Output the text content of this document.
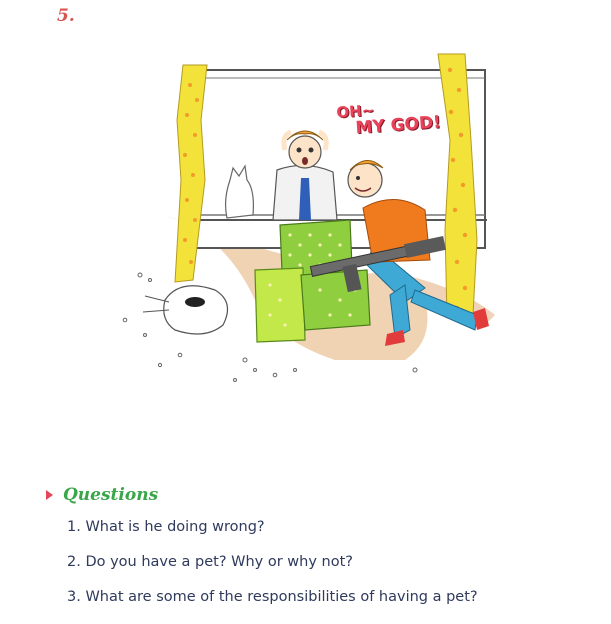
5.
OH~
MY GOD!
Questions
1. What is he doing wrong?
2. Do you have a pet? Why or why not?
3. What are some of the responsibilities of having a pet?
